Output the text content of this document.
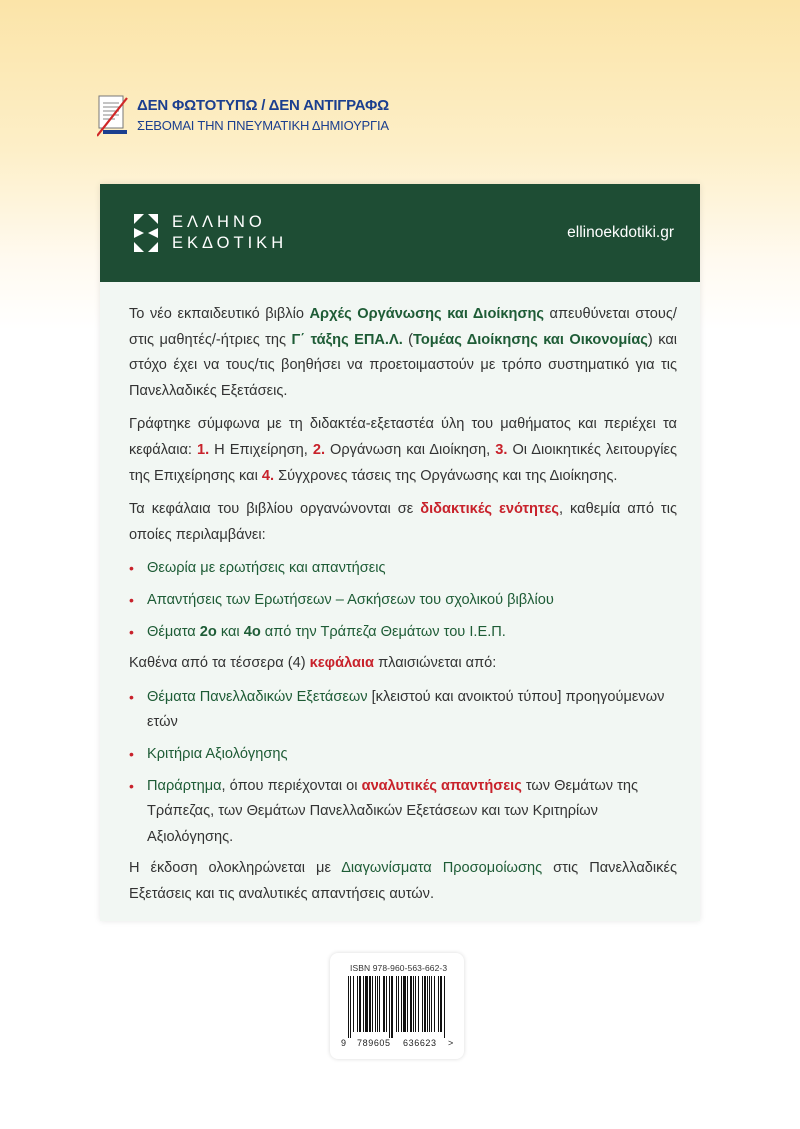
ΔΕΝ ΦΩΤΟΤΥΠΩ / ΔΕΝ ΑΝΤΙΓΡΑΦΩ
ΣΕΒΟΜΑΙ ΤΗΝ ΠΝΕΥΜΑΤΙΚΗ ΔΗΜΙΟΥΡΓΙΑ
ΕΛΛΗΝΟ
ΕΚΔΟΤΙΚΗ
ellinoekdotiki.gr

Το νέο εκπαιδευτικό βιβλίο Αρχές Οργάνωσης και Διοίκησης απευθύνεται στους/στις μαθητές/-ήτριες της Γ΄ τάξης ΕΠΑ.Λ. (Τομέας Διοίκησης και Οικονομίας) και στόχο έχει να τους/τις βοηθήσει να προετοιμαστούν με τρόπο συστηματικό για τις Πανελλαδικές Εξετάσεις.

Γράφτηκε σύμφωνα με τη διδακτέα-εξεταστέα ύλη του μαθήματος και περιέχει τα κεφάλαια: 1. Η Επιχείρηση, 2. Οργάνωση και Διοίκηση, 3. Οι Διοικητικές λειτουργίες της Επιχείρησης και 4. Σύγχρονες τάσεις της Οργάνωσης και της Διοίκησης.

Τα κεφάλαια του βιβλίου οργανώνονται σε διδακτικές ενότητες, καθεμία από τις οποίες περιλαμβάνει:

• Θεωρία με ερωτήσεις και απαντήσεις
• Απαντήσεις των Ερωτήσεων – Ασκήσεων του σχολικού βιβλίου
• Θέματα 2ο και 4ο από την Τράπεζα Θεμάτων του Ι.Ε.Π.

Καθένα από τα τέσσερα (4) κεφάλαια πλαισιώνεται από:

• Θέματα Πανελλαδικών Εξετάσεων [κλειστού και ανοικτού τύπου] προηγούμενων ετών
• Κριτήρια Αξιολόγησης
• Παράρτημα, όπου περιέχονται οι αναλυτικές απαντήσεις των Θεμάτων της Τράπεζας, των Θεμάτων Πανελλαδικών Εξετάσεων και των Κριτηρίων Αξιολόγησης.

Η έκδοση ολοκληρώνεται με Διαγωνίσματα Προσομοίωσης στις Πανελλαδικές Εξετάσεις και τις αναλυτικές απαντήσεις αυτών.

ISBN 978-960-563-662-3
9 789605 636623 >
